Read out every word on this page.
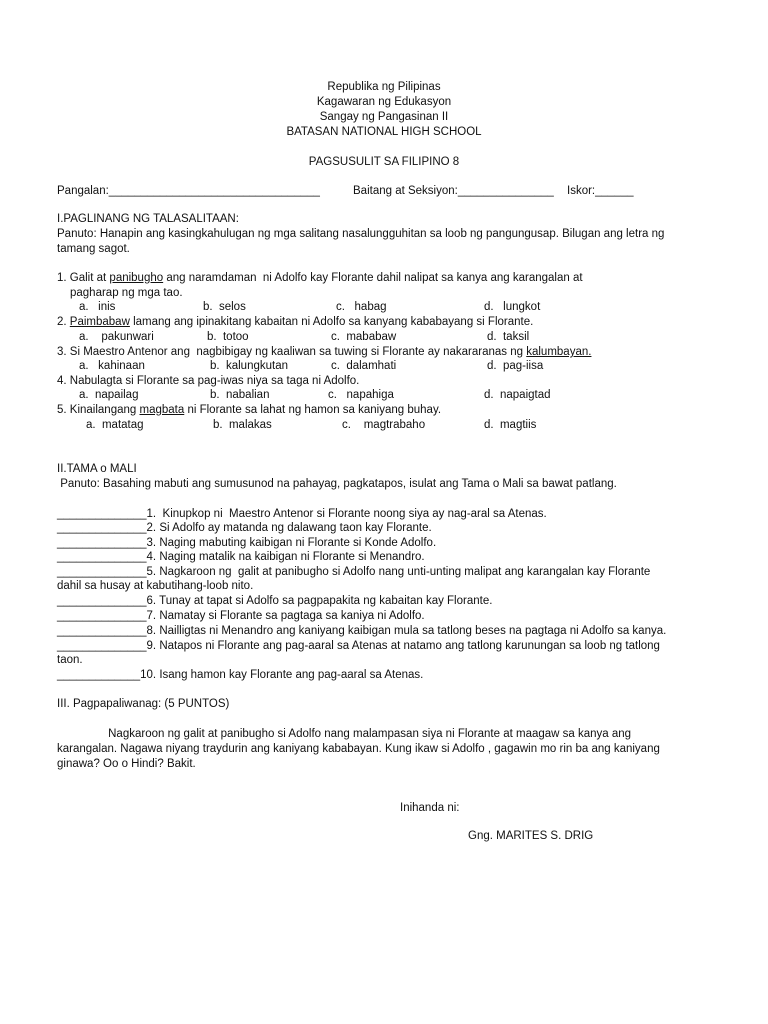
Republika ng Pilipinas
Kagawaran ng Edukasyon
Sangay ng Pangasinan II
BATASAN NATIONAL HIGH SCHOOL
PAGSUSULIT SA FILIPINO 8
Pangalan:_________________________________	Baitang at Seksiyon:_______________ Iskor:______
I.PAGLINANG NG TALASALITAAN:
Panuto: Hanapin ang kasingkahulugan ng mga salitang nasalungguhitan sa loob ng pangungusap. Bilugan ang letra ng
tamang sagot.
1. Galit at panibugho ang naramdaman  ni Adolfo kay Florante dahil nalipat sa kanya ang karangalan at
pagharap ng mga tao.
a.   inis	b.  selos	c.   habag	d.   lungkot
2. Paimbabaw lamang ang ipinakitang kabaitan ni Adolfo sa kanyang kababayang si Florante.
a.    pakunwari	b.  totoo	c.  mababaw	d.  taksil
3. Si Maestro Antenor ang  nagbibigay ng kaaliwan sa tuwing si Florante ay nakararanas ng kalumbayan.
a.   kahinaan	b.  kalungkutan	c.  dalamhati	d.  pag-iisa
4. Nabulagta si Florante sa pag-iwas niya sa taga ni Adolfo.
a.  napailag	b.  nabalian	c.   napahiga	d.  napaigtad
5. Kinailangang magbata ni Florante sa lahat ng hamon sa kaniyang buhay.
a.  matatag	b.  malakas	c.    magtrabaho	d.  magtiis
II.TAMA o MALI
Panuto: Basahing mabuti ang sumusunod na pahayag, pagkatapos, isulat ang Tama o Mali sa bawat patlang.
______________1.  Kinupkop ni  Maestro Antenor si Florante noong siya ay nag-aral sa Atenas.
______________2. Si Adolfo ay matanda ng dalawang taon kay Florante.
______________3. Naging mabuting kaibigan ni Florante si Konde Adolfo.
______________4. Naging matalik na kaibigan ni Florante si Menandro.
______________5. Nagkaroon ng  galit at panibugho si Adolfo nang unti-unting malipat ang karangalan kay Florante
dahil sa husay at kabutihang-loob nito.
______________6. Tunay at tapat si Adolfo sa pagpapakita ng kabaitan kay Florante.
______________7. Namatay si Florante sa pagtaga sa kaniya ni Adolfo.
______________8. Nailligtas ni Menandro ang kaniyang kaibigan mula sa tatlong beses na pagtaga ni Adolfo sa kanya.
______________9. Natapos ni Florante ang pag-aaral sa Atenas at natamo ang tatlong karunungan sa loob ng tatlong
taon.
_____________10. Isang hamon kay Florante ang pag-aaral sa Atenas.
III. Pagpapaliwanag: (5 PUNTOS)
Nagkaroon ng galit at panibugho si Adolfo nang malampasan siya ni Florante at maagaw sa kanya ang
karangalan. Nagawa niyang traydurin ang kaniyang kababayan. Kung ikaw si Adolfo , gagawin mo rin ba ang kaniyang
ginawa? Oo o Hindi? Bakit.
Inihanda ni:
Gng. MARITES S. DRIG
